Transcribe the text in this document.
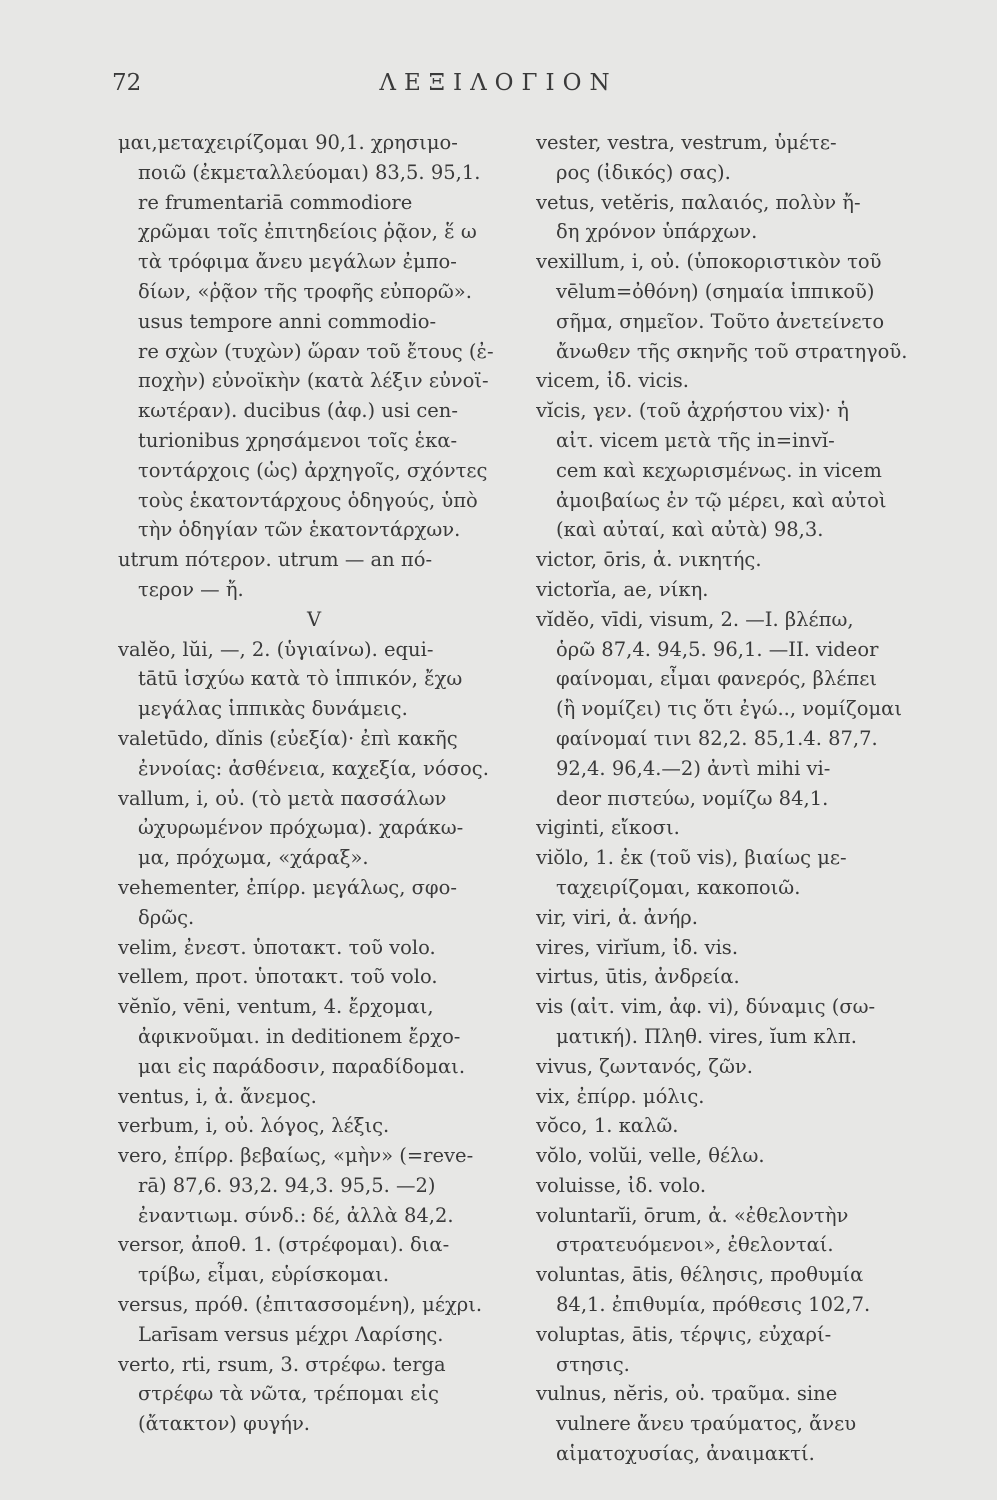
72	ΛΕΞΙΛΟΓΙΟΝ
μαι,μεταχειρίζομαι 90,1. χρησιμο-
ποιῶ (ἐκμεταλλεύομαι) 83,5. 95,1.
re frumentariā commodiore
χρῶμαι τοῖς ἐπιτηδείοις ῥᾷον, ἕ ω
τὰ τρόφιμα ἄνευ μεγάλων ἐμπο-
δίων, «ῥᾷον τῆς τροφῆς εὐπορῶ».
usus tempore anni commodio-
re σχὼν (τυχὼν) ὥραν τοῦ ἔτους (ἐ-
ποχὴν) εὐνοϊκὴν (κατὰ λέξιν εὐνοϊ-
κωτέραν). ducibus (ἀφ.) usi cen-
turionibus χρησάμενοι τοῖς ἑκα-
τοντάρχοις (ὡς) ἀρχηγοῖς, σχόντες
τοὺς ἑκατοντάρχους ὁδηγούς, ὑπὸ
τὴν ὁδηγίαν τῶν ἑκατοντάρχων.
utrum πότερον. utrum — an πό-
τερον — ἤ.
V
valĕo, lŭi, —, 2. (ὑγιαίνω). equi-
tātū ἰσχύω κατὰ τὸ ἱππικόν, ἔχω
μεγάλας ἱππικὰς δυνάμεις.
valetūdo, dĭnis (εὐεξία)· ἐπὶ κακῆς
ἐννοίας: ἀσθένεια, καχεξία, νόσος.
vallum, i, οὐ. (τὸ μετὰ πασσάλων
ὠχυρωμένον πρόχωμα). χαράκω-
μα, πρόχωμα, «χάραξ».
vehementer, ἐπίρρ. μεγάλως, σφο-
δρῶς.
velim, ἐνεστ. ὑποτακτ. τοῦ volo.
vellem, προτ. ὑποτακτ. τοῦ volo.
vĕnĭo, vēni, ventum, 4. ἔρχομαι,
ἀφικνοῦμαι. in deditionem ἔρχο-
μαι εἰς παράδοσιν, παραδίδομαι.
ventus, i, ἀ. ἄνεμος.
verbum, i, οὐ. λόγος, λέξις.
vero, ἐπίρρ. βεβαίως, «μὴν» (=reve-
rā) 87,6. 93,2. 94,3. 95,5. —2)
ἐναντιωμ. σύνδ.: δέ, ἀλλὰ 84,2.
versor, ἀποθ. 1. (στρέφομαι). δια-
τρίβω, εἶμαι, εὑρίσκομαι.
versus, πρόθ. (ἐπιτασσομένη), μέχρι.
Larīsam versus μέχρι Λαρίσης.
verto, rti, rsum, 3. στρέφω. terga
στρέφω τὰ νῶτα, τρέπομαι εἰς
(ἄτακτον) φυγήν.
vester, vestra, vestrum, ὑμέτε-
ρος (ἰδικός) σας).
vetus, vetĕris, παλαιός, πολὺν ἤ-
δη χρόνον ὑπάρχων.
vexillum, i, οὐ. (ὑποκοριστικὸν τοῦ
vēlum=ὀθόνη) (σημαία ἱππικοῦ)
σῆμα, σημεῖον. Τοῦτο ἀνετείνετο
ἄνωθεν τῆς σκηνῆς τοῦ στρατηγοῦ.
vicem, ἰδ. vicis.
vĭcis, γεν. (τοῦ ἀχρήστου vix)· ἡ
αἰτ. vicem μετὰ τῆς in=invĭ-
cem καὶ κεχωρισμένως. in vicem
ἀμοιβαίως ἐν τῷ μέρει, καὶ αὐτοὶ
(καὶ αὐταί, καὶ αὐτὰ) 98,3.
victor, ōris, ἀ. νικητής.
victorĭa, ae, νίκη.
vĭdĕo, vīdi, visum, 2. —I. βλέπω,
ὁρῶ 87,4. 94,5. 96,1. —II. videor
φαίνομαι, εἶμαι φανερός, βλέπει
(ἢ νομίζει) τις ὅτι ἐγώ.., νομίζομαι
φαίνομαί τινι 82,2. 85,1.4. 87,7.
92,4. 96,4.—2) ἀντὶ mihi vi-
deor πιστεύω, νομίζω 84,1.
viginti, εἴκοσι.
viŏlo, 1. ἐκ (τοῦ vis), βιαίως με-
ταχειρίζομαι, κακοποιῶ.
vir, viri, ἀ. ἀνήρ.
vires, virĭum, ἰδ. vis.
virtus, ūtis, ἀνδρεία.
vis (αἰτ. vim, ἀφ. vi), δύναμις (σω-
ματική). Πληθ. vires, ĭum κλπ.
vivus, ζωντανός, ζῶν.
vix, ἐπίρρ. μόλις.
vŏco, 1. καλῶ.
vŏlo, volŭi, velle, θέλω.
voluisse, ἰδ. volo.
voluntarĭi, ōrum, ἀ. «ἐθελοντὴν
στρατευόμενοι», ἐθελονταί.
voluntas, ātis, θέλησις, προθυμία
84,1. ἐπιθυμία, πρόθεσις 102,7.
voluptas, ātis, τέρψις, εὐχαρί-
στησις.
vulnus, nĕris, οὐ. τραῦμα. sine
vulnere ἄνευ τραύματος, ἄνευ
αἱματοχυσίας, ἀναιμακτί.
